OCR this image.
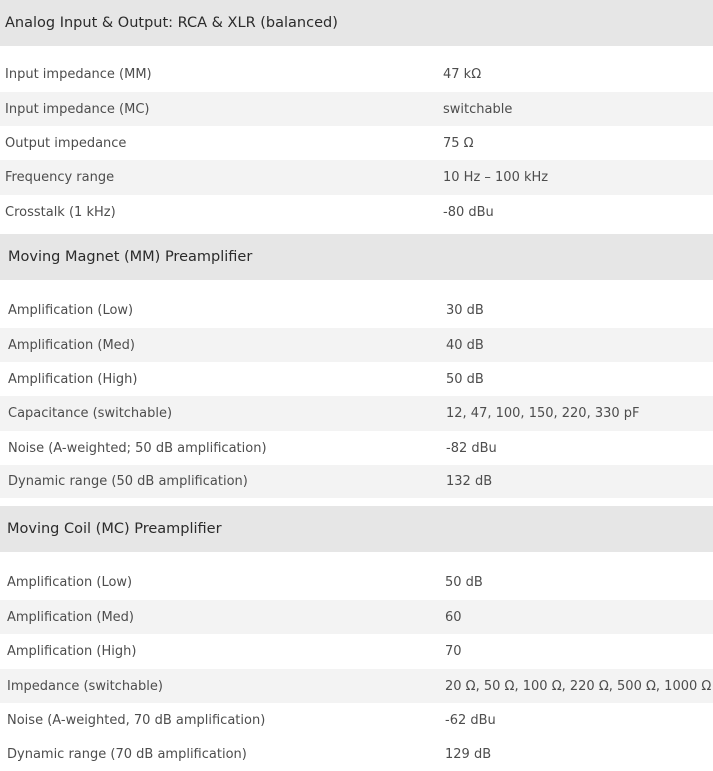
Analog Input & Output: RCA & XLR (balanced)
Input impedance (MM)	47 kΩ
Input impedance (MC)	switchable
Output impedance	75 Ω
Frequency range	10 Hz – 100 kHz
Crosstalk (1 kHz)	-80 dBu
Moving Magnet (MM) Preamplifier
Amplification (Low)	30 dB
Amplification (Med)	40 dB
Amplification (High)	50 dB
Capacitance (switchable)	12, 47, 100, 150, 220, 330 pF
Noise (A-weighted; 50 dB amplification)	-82 dBu
Dynamic range (50 dB amplification)	132 dB
Moving Coil (MC) Preamplifier
Amplification (Low)	50 dB
Amplification (Med)	60
Amplification (High)	70
Impedance (switchable)	20 Ω, 50 Ω, 100 Ω, 220 Ω, 500 Ω, 1000 Ω
Noise (A-weighted, 70 dB amplification)	-62 dBu
Dynamic range (70 dB amplification)	129 dB
